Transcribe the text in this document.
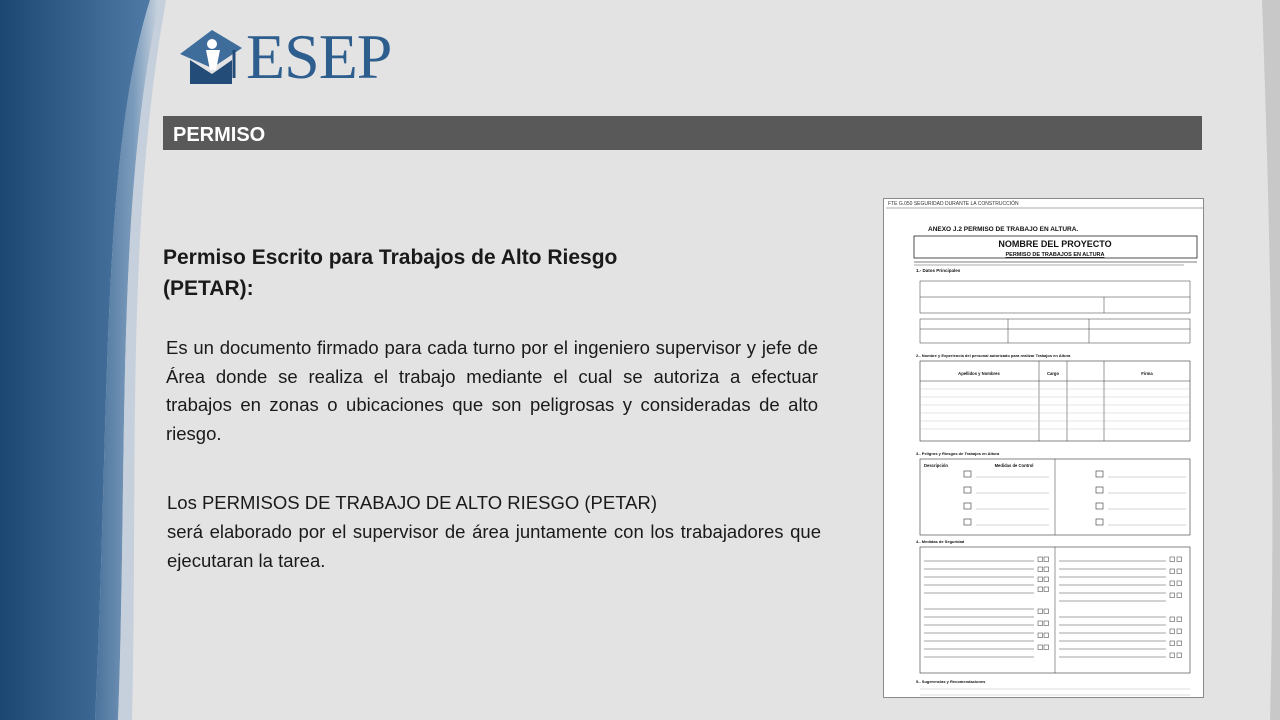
ESEP
PERMISO
Permiso Escrito para Trabajos de Alto Riesgo
(PETAR):
Es un documento firmado para cada turno por el ingeniero supervisor y jefe de Área donde se realiza el trabajo mediante el cual se autoriza a efectuar trabajos en zonas o ubicaciones que son peligrosas y consideradas de alto riesgo.
Los PERMISOS DE TRABAJO DE ALTO RIESGO (PETAR)
será elaborado por el supervisor de área juntamente con los trabajadores que ejecutaran la tarea.
FTE G.050 SEGURIDAD DURANTE LA CONSTRUCCIÓN
ANEXO J.2 PERMISO DE TRABAJO EN ALTURA.
NOMBRE DEL PROYECTO
PERMISO DE TRABAJOS EN ALTURA
1.- Datos Principales
2.- Nombre y Experiencia del personal autorizado para realizar Trabajos en Altura
Apellidos y Nombres	Cargo	Firma
3.- Peligros y Riesgos de Trabajos en Altura
Descripción	Medidas de Control
4.- Medidas de Seguridad
5.- Sugerencias y Recomendaciones
